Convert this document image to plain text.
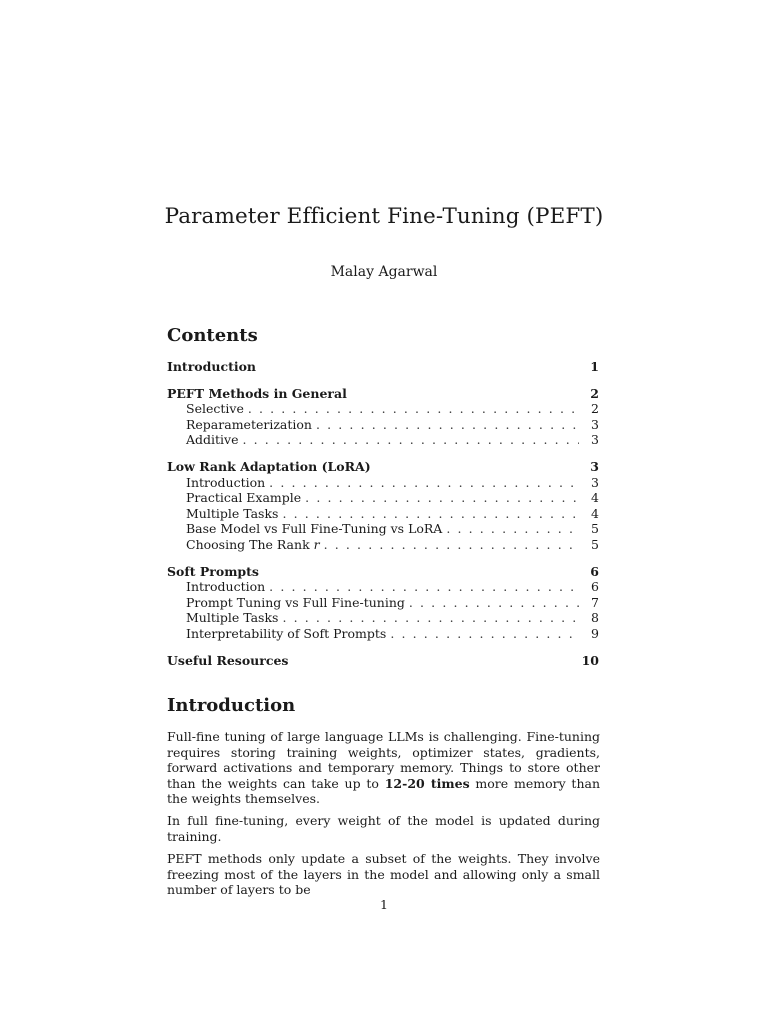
Parameter Efficient Fine-Tuning (PEFT)
Malay Agarwal
Contents
Introduction	1
PEFT Methods in General	2
Selective . . .	2
Reparameterization . . .	3
Additive . . .	3
Low Rank Adaptation (LoRA)	3
Introduction . . .	3
Practical Example . . .	4
Multiple Tasks . . .	4
Base Model vs Full Fine-Tuning vs LoRA . . .	5
Choosing The Rank r . . .	5
Soft Prompts	6
Introduction . . .	6
Prompt Tuning vs Full Fine-tuning . . .	7
Multiple Tasks . . .	8
Interpretability of Soft Prompts . . .	9
Useful Resources	10
Introduction

Full-fine tuning of large language LLMs is challenging. Fine-tuning requires storing training weights, optimizer states, gradients, forward activations and temporary memory. Things to store other than the weights can take up to 12-20 times more memory than the weights themselves.

In full fine-tuning, every weight of the model is updated during training.

PEFT methods only update a subset of the weights. They involve freezing most of the layers in the model and allowing only a small number of layers to be

1
